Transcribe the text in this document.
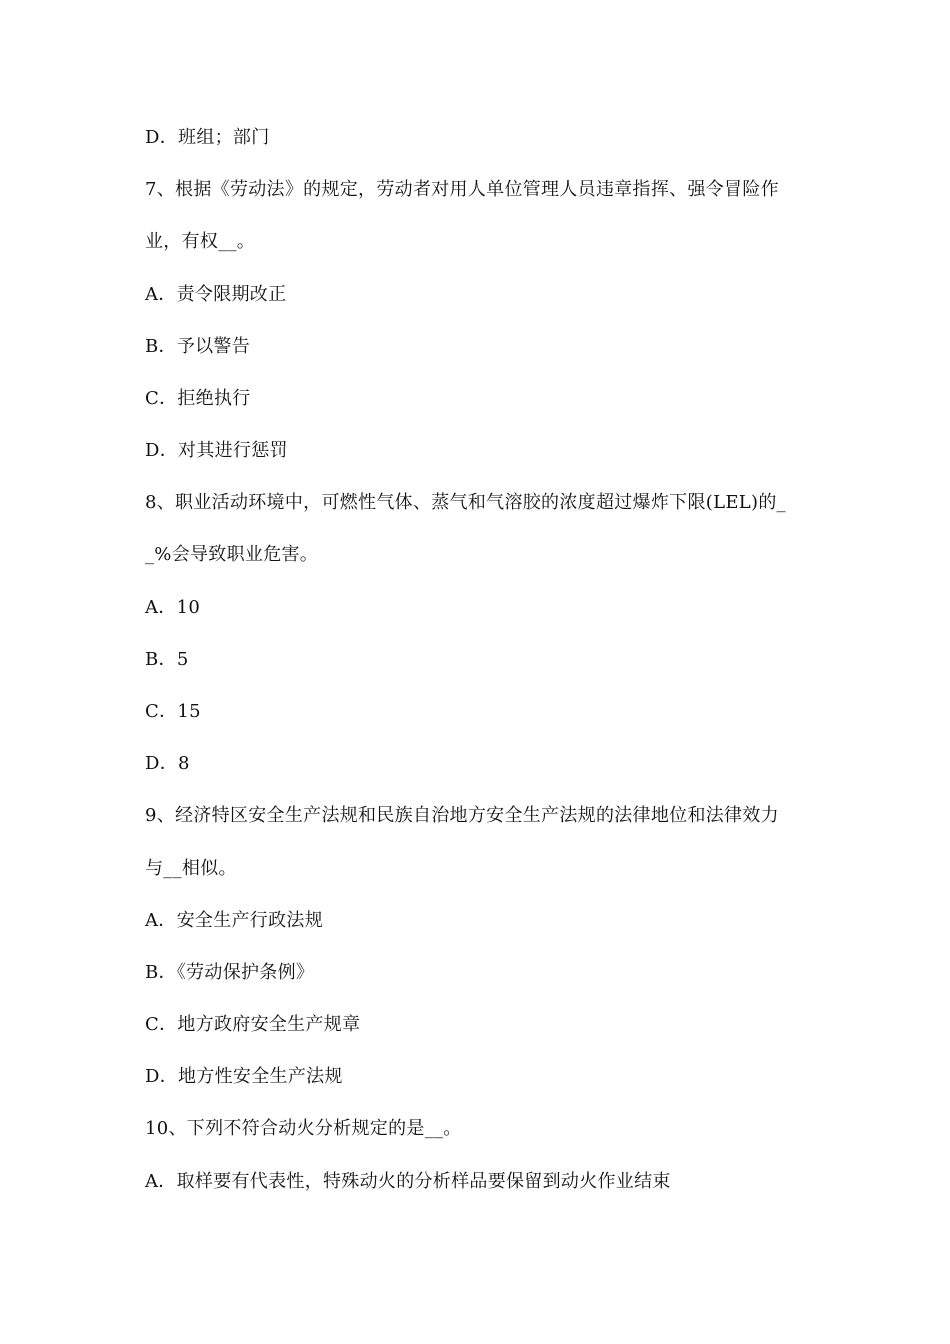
D．班组；部门
7、根据《劳动法》的规定，劳动者对用人单位管理人员违章指挥、强令冒险作
业，有权__。
A．责令限期改正
B．予以警告
C．拒绝执行
D．对其进行惩罚
8、职业活动环境中，可燃性气体、蒸气和气溶胶的浓度超过爆炸下限(LEL)的_
_%会导致职业危害。
A．10
B．5
C．15
D．8
9、经济特区安全生产法规和民族自治地方安全生产法规的法律地位和法律效力
与__相似。
A．安全生产行政法规
B．《劳动保护条例》
C．地方政府安全生产规章
D．地方性安全生产法规
10、下列不符合动火分析规定的是__。
A．取样要有代表性，特殊动火的分析样品要保留到动火作业结束
